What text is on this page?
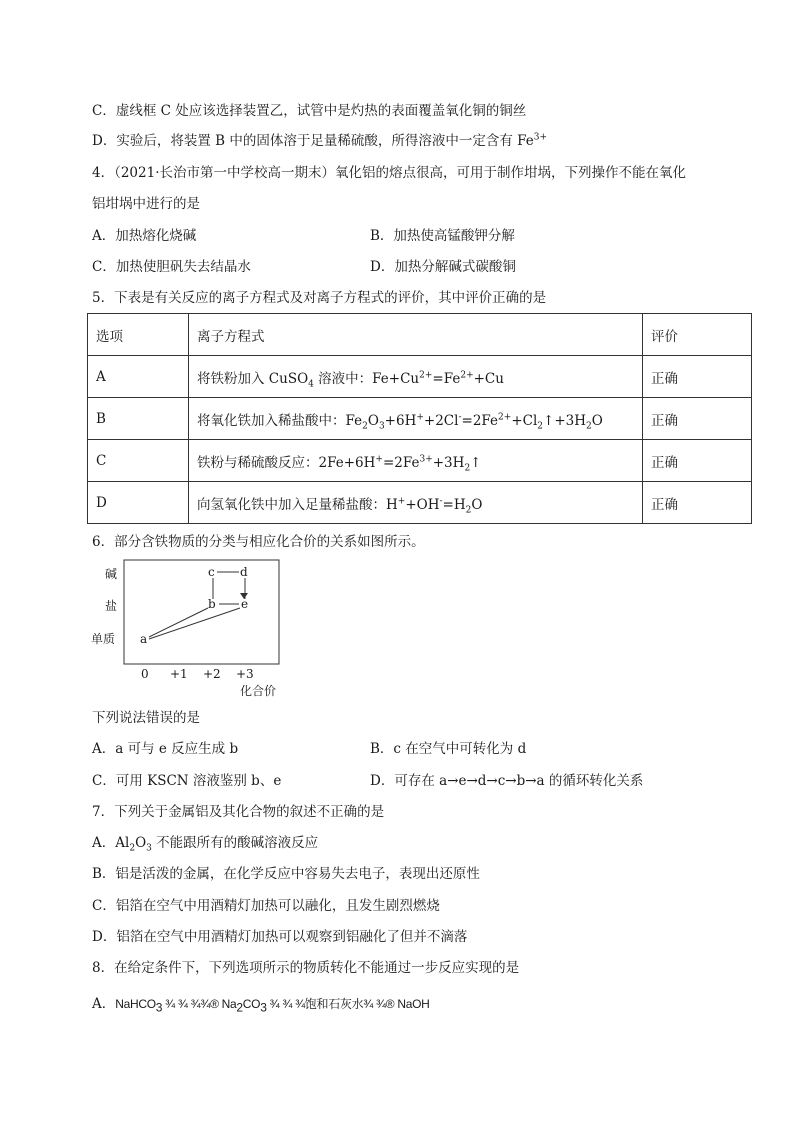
C．虚线框 C 处应该选择装置乙，试管中是灼热的表面覆盖氧化铜的铜丝
D．实验后，将装置 B 中的固体溶于足量稀硫酸，所得溶液中一定含有 $Fe^{3+}$
4．（2021·长治市第一中学校高一期末）氧化铝的熔点很高，可用于制作坩埚，下列操作不能在氧化
铝坩埚中进行的是
A．加热熔化烧碱	B．加热使高锰酸钾分解
C．加热使胆矾失去结晶水	D．加热分解碱式碳酸铜
5．下表是有关反应的离子方程式及对离子方程式的评价，其中评价正确的是
选项	离子方程式	评价
A	将铁粉加入 CuSO$_4$ 溶液中：$Fe+Cu^{2+}=Fe^{2+}+Cu$	正确
B	将氧化铁加入稀盐酸中：$Fe_2O_3+6H^++2Cl^-=2Fe^{2+}+Cl_2↑+3H_2O$	正确
C	铁粉与稀硫酸反应：$2Fe+6H^+=2Fe^{3+}+3H_2↑$	正确
D	向氢氧化铁中加入足量稀盐酸：$H^++OH^-=H_2O$	正确
6．部分含铁物质的分类与相应化合价的关系如图所示。
碱
盐
单质
0 +1 +2 +3
化合价
c d
b e
a
下列说法错误的是
A．a 可与 e 反应生成 b	B．c 在空气中可转化为 d
C．可用 KSCN 溶液鉴别 b、e	D．可存在 a→e→d→c→b→a 的循环转化关系
7．下列关于金属铝及其化合物的叙述不正确的是
A．$Al_2O_3$ 不能跟所有的酸碱溶液反应
B．铝是活泼的金属，在化学反应中容易失去电子，表现出还原性
C．铝箔在空气中用酒精灯加热可以融化，且发生剧烈燃烧
D．铝箔在空气中用酒精灯加热可以观察到铝融化了但并不滴落
8．在给定条件下，下列选项所示的物质转化不能通过一步反应实现的是
A．NaHCO$_3$ ¾ ¾ ¾¾® $Na_2CO_3$ ¾ ¾ ¾饱和石灰水¾ ¾® NaOH
